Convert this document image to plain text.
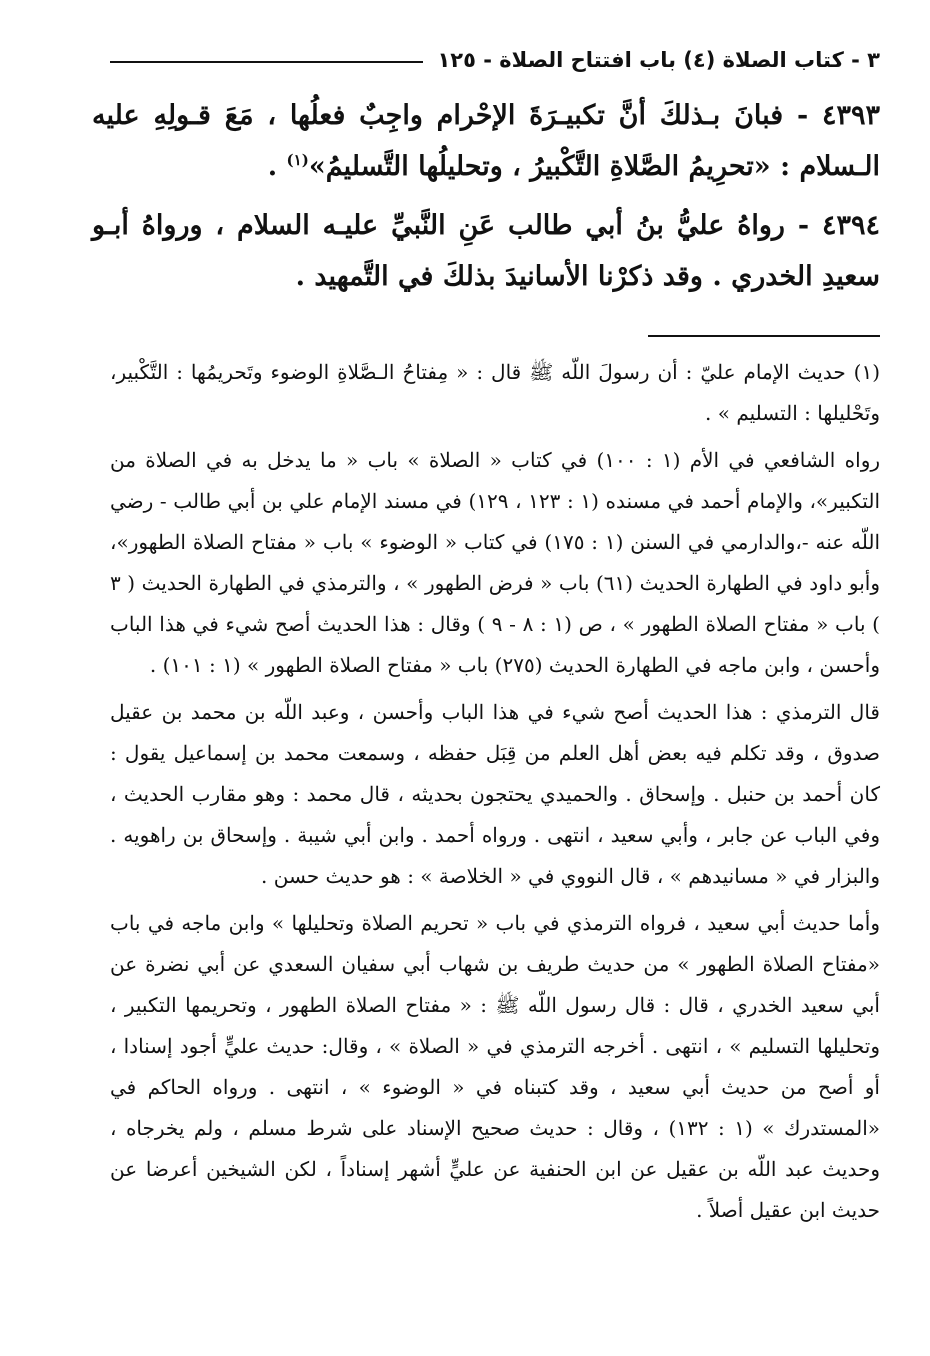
٣ - كتاب الصلاة (٤) باب افتتاح الصلاة - ١٢٥

٤٣٩٣ - فبانَ بـذلكَ أنَّ تكبيـرَةَ الإحْرام واجِبٌ فعلُها ، مَعَ قـولِهِ عليه الـسلام : «تحرِيمُ الصَّلاةِ التَّكْبيرُ ، وتحليلُها التَّسليمُ»$^{(١)}$ .

٤٣٩٤ - رواهُ عليُّ بنُ أبي طالب عَنِ النَّبيِّ عليـه السلام ، ورواهُ أبـو سعيدِ الخدري . وقد ذكرْنا الأسانيدَ بذلكَ في التَّمهيد .

(١) حديث الإمام عليّ : أن رسولَ اللّه ﷺ قال : « مِفتاحُ الـصَّلاةِ الوضوء وتَحريمُها : التَّكْبير، وتَحْليلها : التسليم » .

رواه الشافعي في الأم (١ : ١٠٠) في كتاب « الصلاة » باب « ما يدخل به في الصلاة من التكبير»، والإمام أحمد في مسنده (١ : ١٢٣ ، ١٢٩) في مسند الإمام علي بن أبي طالب - رضي اللّه عنه -،والدارمي في السنن (١ : ١٧٥) في كتاب « الوضوء » باب « مفتاح الصلاة الطهور»، وأبو داود في الطهارة الحديث (٦١) باب « فرض الطهور » ، والترمذي في الطهارة الحديث ( ٣ ) باب « مفتاح الصلاة الطهور » ، ص (١ : ٨ - ٩ ) وقال : هذا الحديث أصح شيء في هذا الباب وأحسن ، وابن ماجه في الطهارة الحديث (٢٧٥) باب « مفتاح الصلاة الطهور » (١ : ١٠١) .

قال الترمذي : هذا الحديث أصح شيء في هذا الباب وأحسن ، وعبد اللّه بن محمد بن عقيل صدوق ، وقد تكلم فيه بعض أهل العلم من قِبَل حفظه ، وسمعت محمد بن إسماعيل يقول : كان أحمد بن حنبل . وإسحاق . والحميدي يحتجون بحديثه ، قال محمد : وهو مقارب الحديث ، وفي الباب عن جابر ، وأبي سعيد ، انتهى . ورواه أحمد . وابن أبي شيبة . وإسحاق بن راهويه . والبزار في « مسانيدهم » ، قال النووي في « الخلاصة » : هو حديث حسن .

وأما حديث أبي سعيد ، فرواه الترمذي في باب « تحريم الصلاة وتحليلها » وابن ماجه في باب «مفتاح الصلاة الطهور » من حديث طريف بن شهاب أبي سفيان السعدي عن أبي نضرة عن أبي سعيد الخدري ، قال : قال رسول اللّه ﷺ : « مفتاح الصلاة الطهور ، وتحريمها التكبير ، وتحليلها التسليم » ، انتهى . أخرجه الترمذي في « الصلاة » ، وقال: حديث عليٍّ أجود إسنادا ، أو أصح من حديث أبي سعيد ، وقد كتبناه في « الوضوء » ، انتهى . ورواه الحاكم في «المستدرك » (١ : ١٣٢) ، وقال : حديث صحيح الإسناد على شرط مسلم ، ولم يخرجاه ، وحديث عبد اللّه بن عقيل عن ابن الحنفية عن عليٍّ أشهر إسناداً ، لكن الشيخين أعرضا عن حديث ابن عقيل أصلاً .
